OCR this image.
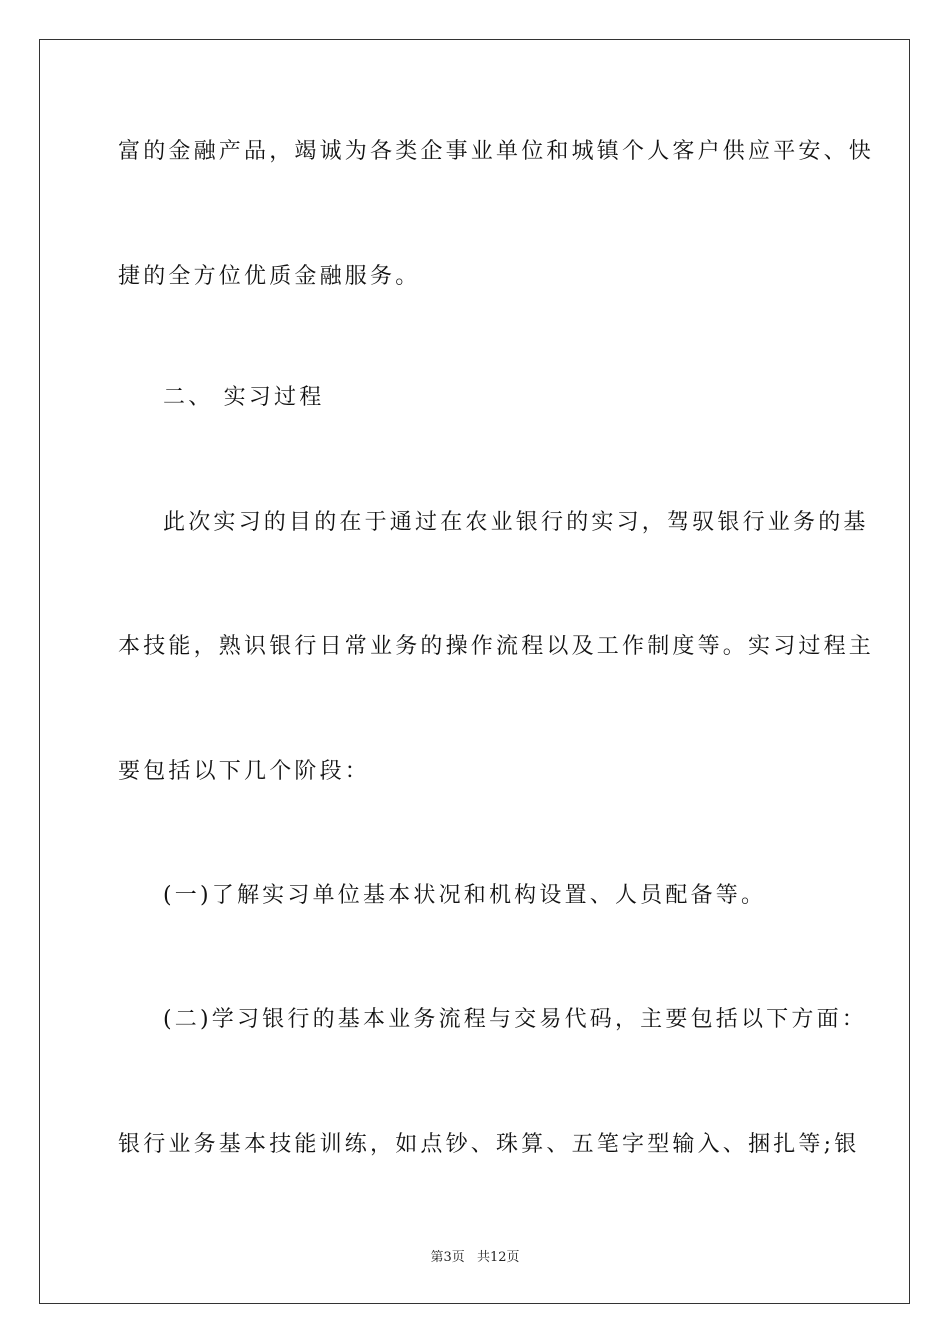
富的金融产品，竭诚为各类企事业单位和城镇个人客户供应平安、快
捷的全方位优质金融服务。
二、 实习过程
此次实习的目的在于通过在农业银行的实习，驾驭银行业务的基
本技能，熟识银行日常业务的操作流程以及工作制度等。实习过程主
要包括以下几个阶段：
(一)了解实习单位基本状况和机构设置、人员配备等。
(二)学习银行的基本业务流程与交易代码，主要包括以下方面：
银行业务基本技能训练，如点钞、珠算、五笔字型输入、捆扎等;银
第3页 共12页
